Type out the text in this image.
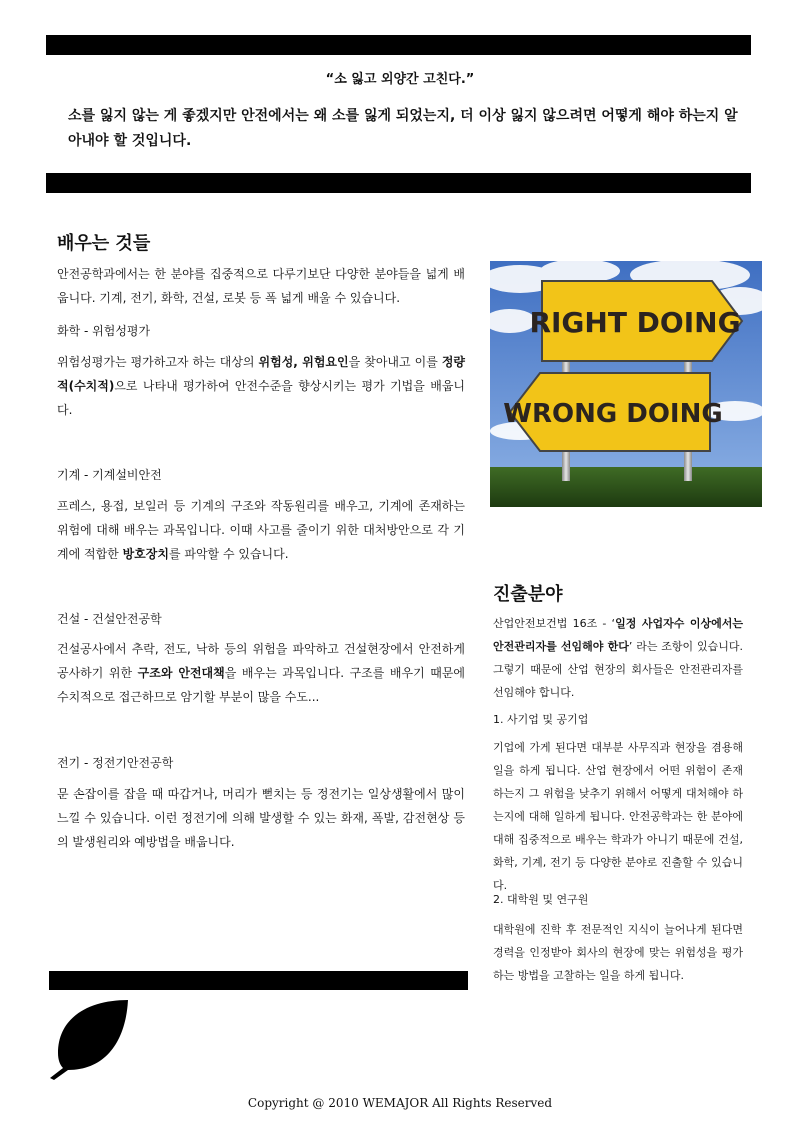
“소 잃고 외양간 고친다.”
소를 잃지 않는 게 좋겠지만 안전에서는 왜 소를 잃게 되었는지, 더 이상 잃지 않으려면 어떻게 해야 하는지 알아내야 할 것입니다.
배우는 것들
안전공학과에서는 한 분야를 집중적으로 다루기보단 다양한 분야들을 넓게 배웁니다. 기계, 전기, 화학, 건설, 로봇 등 폭 넓게 배울 수 있습니다.
화학 - 위험성평가
위험성평가는 평가하고자 하는 대상의 위험성, 위험요인을 찾아내고 이를 정량적(수치적)으로 나타내 평가하여 안전수준을 향상시키는 평가 기법을 배웁니다.
기계 - 기계설비안전
프레스, 용접, 보일러 등 기계의 구조와 작동원리를 배우고, 기계에 존재하는 위험에 대해 배우는 과목입니다. 이때 사고를 줄이기 위한 대처방안으로 각 기계에 적합한 방호장치를 파악할 수 있습니다.
건설 - 건설안전공학
건설공사에서 추락, 전도, 낙하 등의 위험을 파악하고 건설현장에서 안전하게 공사하기 위한 구조와 안전대책을 배우는 과목입니다. 구조를 배우기 때문에 수치적으로 접근하므로 암기할 부분이 많을 수도...
전기 - 정전기안전공학
문 손잡이를 잡을 때 따갑거나, 머리가 뻗치는 등 정전기는 일상생활에서 많이 느낄 수 있습니다. 이런 정전기에 의해 발생할 수 있는 화재, 폭발, 감전현상 등의 발생원리와 예방법을 배웁니다.
RIGHT DOING
WRONG DOING
진출분야
산업안전보건법 16조 - ‘일정 사업자수 이상에서는 안전관리자를 선임해야 한다’ 라는 조항이 있습니다. 그렇기 때문에 산업 현장의 회사들은 안전관리자를 선임해야 합니다.
1. 사기업 및 공기업
기업에 가게 된다면 대부분 사무직과 현장을 겸용해 일을 하게 됩니다. 산업 현장에서 어떤 위험이 존재하는지 그 위험을 낮추기 위해서 어떻게 대처해야 하는지에 대해 일하게 됩니다. 안전공학과는 한 분야에 대해 집중적으로 배우는 학과가 아니기 때문에 건설, 화학, 기계, 전기 등 다양한 분야로 진출할 수 있습니다.
2. 대학원 및 연구원
대학원에 진학 후 전문적인 지식이 늘어나게 된다면 경력을 인정받아 회사의 현장에 맞는 위험성을 평가하는 방법을 고찰하는 일을 하게 됩니다.
Copyright @ 2010 WEMAJOR All Rights Reserved
